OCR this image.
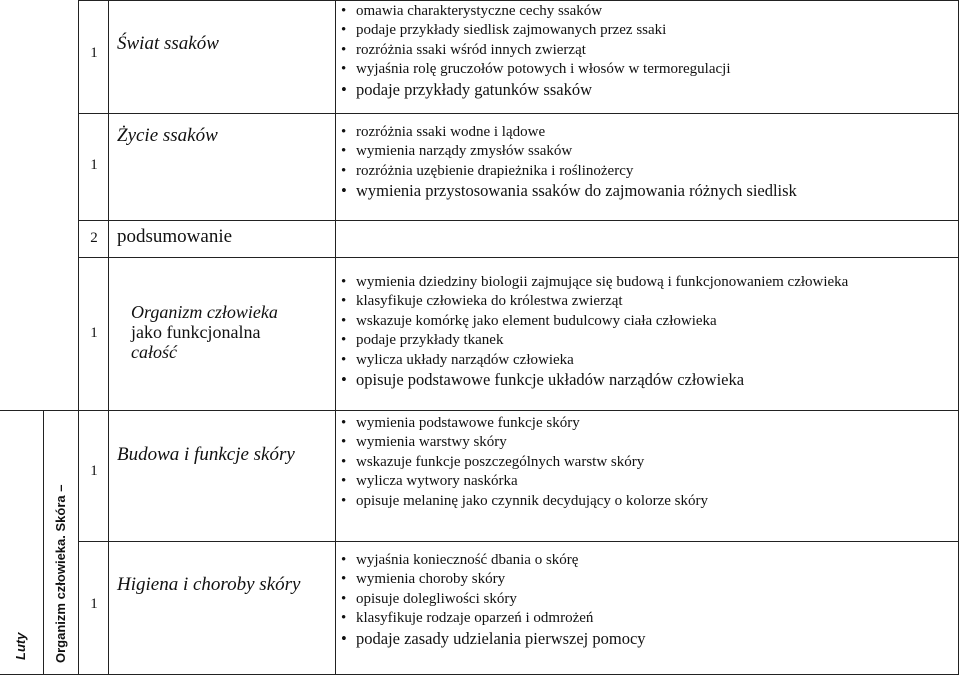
1	Świat ssaków
• omawia charakterystyczne cechy ssaków
• podaje przykłady siedlisk zajmowanych przez ssaki
• rozróżnia ssaki wśród innych zwierząt
• wyjaśnia rolę gruczołów potowych i włosów w termoregulacji
• podaje przykłady gatunków ssaków
1
Życie ssaków
•	rozróżnia ssaki wodne i lądowe
• wymienia narządy zmysłów ssaków
• rozróżnia uzębienie drapieżnika i roślinożercy
• wymienia przystosowania ssaków do zajmowania różnych siedlisk
2	podsumowanie
1
Organizm człowieka
jako funkcjonalna
całość
• wymienia dziedziny biologii zajmujące się budową i funkcjonowaniem człowieka
• klasyfikuje człowieka do królestwa zwierząt
• wskazuje komórkę jako element budulcowy ciała człowieka
• podaje przykłady tkanek
• wylicza układy narządów człowieka
• opisuje podstawowe funkcje układów narządów człowieka
1
Budowa i funkcje skóry
• wymienia podstawowe funkcje skóry
• wymienia warstwy skóry
• wskazuje funkcje poszczególnych warstw skóry
• wylicza wytwory naskórka
• opisuje melaninę jako czynnik decydujący o kolorze skóry
1
Higiena i choroby skóry
• wyjaśnia konieczność dbania o skórę
• wymienia choroby skóry
• opisuje dolegliwości skóry
• klasyfikuje rodzaje oparzeń i odmrożeń
• podaje zasady udzielania pierwszej pomocy
Luty Organizm człowieka. Skóra –
